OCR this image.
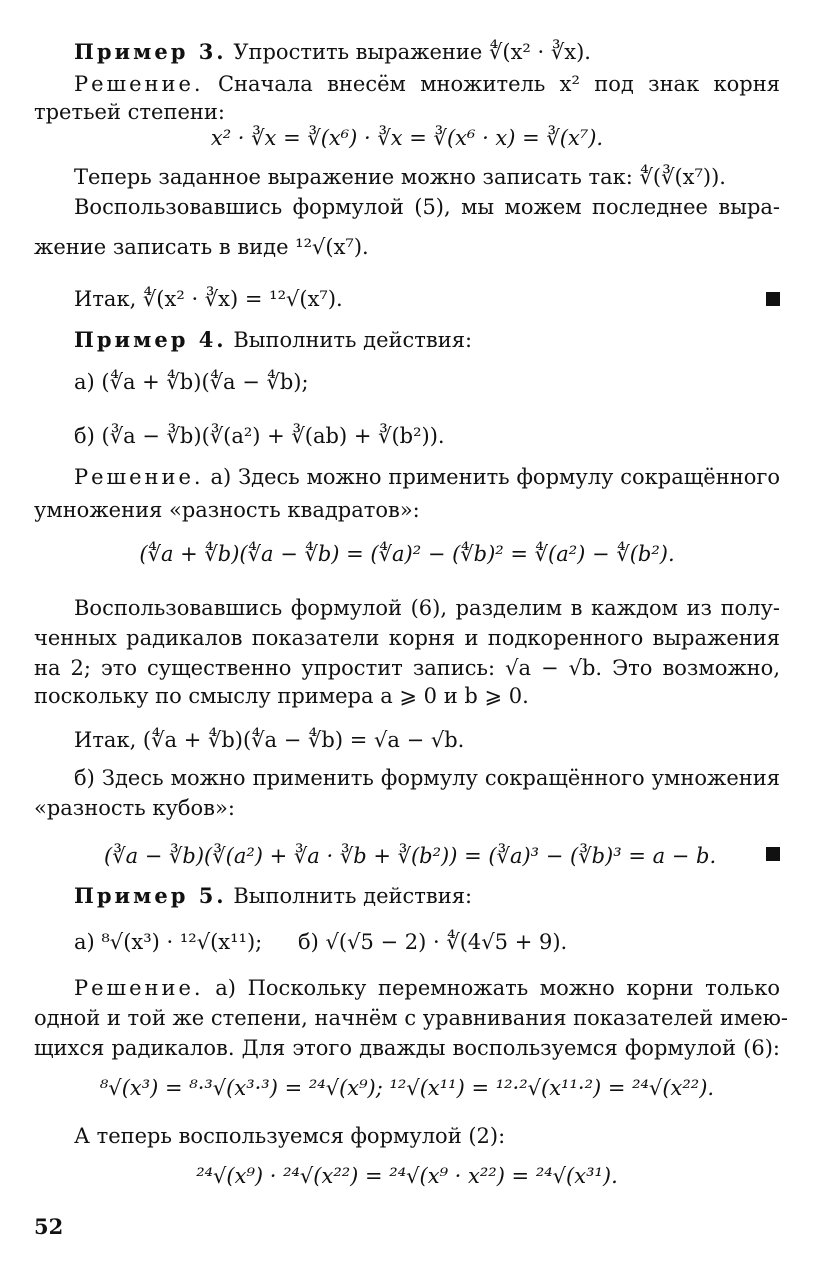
Пример 3. Упростить выражение ∜(x² · ∛x).
Решение. Сначала внесём множитель x² под знак корня
третьей степени:
x² · ∛x = ∛(x⁶) · ∛x = ∛(x⁶ · x) = ∛(x⁷).
Теперь заданное выражение можно записать так: ∜(∛(x⁷)).
Воспользовавшись формулой (5), мы можем последнее выра-
жение записать в виде ¹²√(x⁷).
Итак, ∜(x² · ∛x) = ¹²√(x⁷).
Пример 4. Выполнить действия:
а) (∜a + ∜b)(∜a − ∜b);
б) (∛a − ∛b)(∛(a²) + ∛(ab) + ∛(b²)).
Решение. а) Здесь можно применить формулу сокращённого
умножения «разность квадратов»:
(∜a + ∜b)(∜a − ∜b) = (∜a)² − (∜b)² = ∜(a²) − ∜(b²).
Воспользовавшись формулой (6), разделим в каждом из полу-
ченных радикалов показатели корня и подкоренного выражения
на 2; это существенно упростит запись: √a − √b. Это возможно,
поскольку по смыслу примера a ⩾ 0 и b ⩾ 0.
Итак, (∜a + ∜b)(∜a − ∜b) = √a − √b.
б) Здесь можно применить формулу сокращённого умножения
«разность кубов»:
(∛a − ∛b)(∛(a²) + ∛a · ∛b + ∛(b²)) = (∛a)³ − (∛b)³ = a − b.
Пример 5. Выполнить действия:
а) ⁸√(x³) · ¹²√(x¹¹); б) √(√5 − 2) · ∜(4√5 + 9).
Решение. а) Поскольку перемножать можно корни только
одной и той же степени, начнём с уравнивания показателей имею-
щихся радикалов. Для этого дважды воспользуемся формулой (6):
⁸√(x³) = ⁸·³√(x³·³) = ²⁴√(x⁹); ¹²√(x¹¹) = ¹²·²√(x¹¹·²) = ²⁴√(x²²).
А теперь воспользуемся формулой (2):
²⁴√(x⁹) · ²⁴√(x²²) = ²⁴√(x⁹ · x²²) = ²⁴√(x³¹).
52
